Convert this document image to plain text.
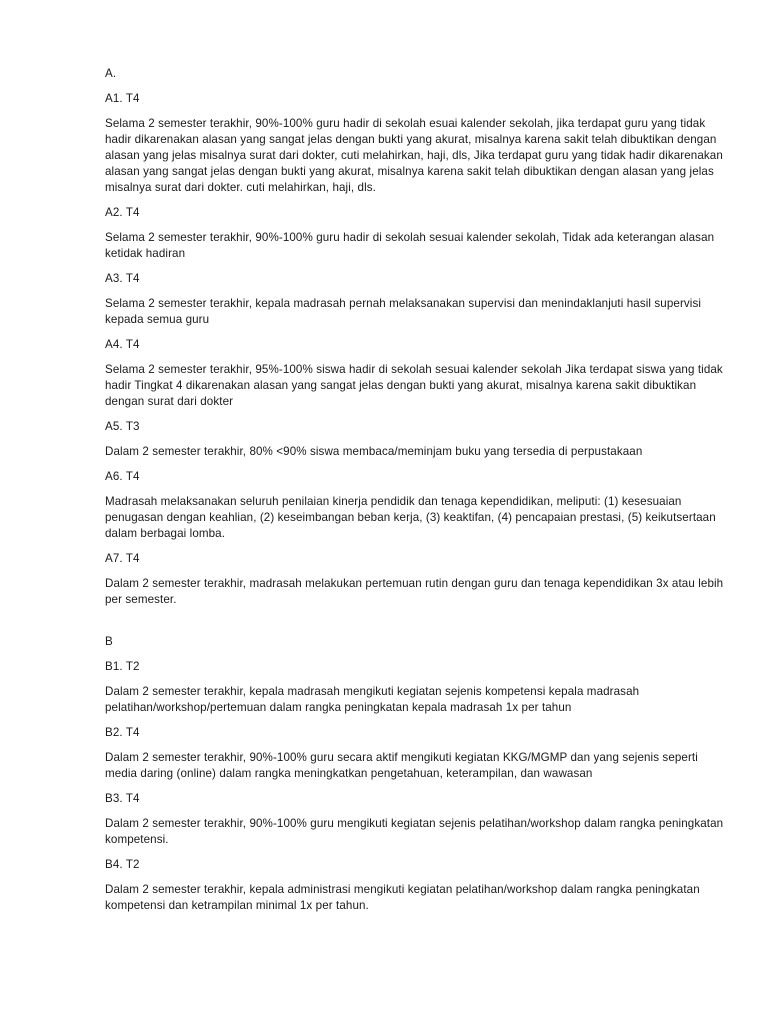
A.
A1. T4
Selama 2 semester terakhir, 90%-100% guru hadir di sekolah esuai kalender sekolah, jika terdapat guru yang tidak hadir dikarenakan alasan yang sangat jelas dengan bukti yang akurat, misalnya karena sakit telah dibuktikan dengan alasan yang jelas misalnya surat dari dokter, cuti melahirkan, haji, dls, Jika terdapat guru yang tidak hadir dikarenakan alasan yang sangat jelas dengan bukti yang akurat, misalnya karena sakit telah dibuktikan dengan alasan yang jelas misalnya surat dari dokter. cuti melahirkan, haji, dls.
A2. T4
Selama 2 semester terakhir, 90%-100% guru hadir di sekolah sesuai kalender sekolah, Tidak ada keterangan alasan ketidak hadiran
A3. T4
Selama 2 semester terakhir, kepala madrasah pernah melaksanakan supervisi dan menindaklanjuti hasil supervisi kepada semua guru
A4. T4
Selama 2 semester terakhir, 95%-100% siswa hadir di sekolah sesuai kalender sekolah Jika terdapat siswa yang tidak hadir Tingkat 4 dikarenakan alasan yang sangat jelas dengan bukti yang akurat, misalnya karena sakit dibuktikan dengan surat dari dokter
A5. T3
Dalam 2 semester terakhir, 80% <90% siswa membaca/meminjam buku yang tersedia di perpustakaan
A6. T4
Madrasah melaksanakan seluruh penilaian kinerja pendidik dan tenaga kependidikan, meliputi: (1) kesesuaian penugasan dengan keahlian, (2) keseimbangan beban kerja, (3) keaktifan, (4) pencapaian prestasi, (5) keikutsertaan dalam berbagai lomba.
A7. T4
Dalam 2 semester terakhir, madrasah melakukan pertemuan rutin dengan guru dan tenaga kependidikan 3x atau lebih per semester.
B
B1. T2
Dalam 2 semester terakhir, kepala madrasah mengikuti kegiatan sejenis kompetensi kepala madrasah pelatihan/workshop/pertemuan dalam rangka peningkatan kepala madrasah 1x per tahun
B2. T4
Dalam 2 semester terakhir, 90%-100% guru secara aktif mengikuti kegiatan KKG/MGMP dan yang sejenis seperti media daring (online) dalam rangka meningkatkan pengetahuan, keterampilan, dan wawasan
B3. T4
Dalam 2 semester terakhir, 90%-100% guru mengikuti kegiatan sejenis pelatihan/workshop dalam rangka peningkatan kompetensi.
B4. T2
Dalam 2 semester terakhir, kepala administrasi mengikuti kegiatan pelatihan/workshop dalam rangka peningkatan kompetensi dan ketrampilan minimal 1x per tahun.
